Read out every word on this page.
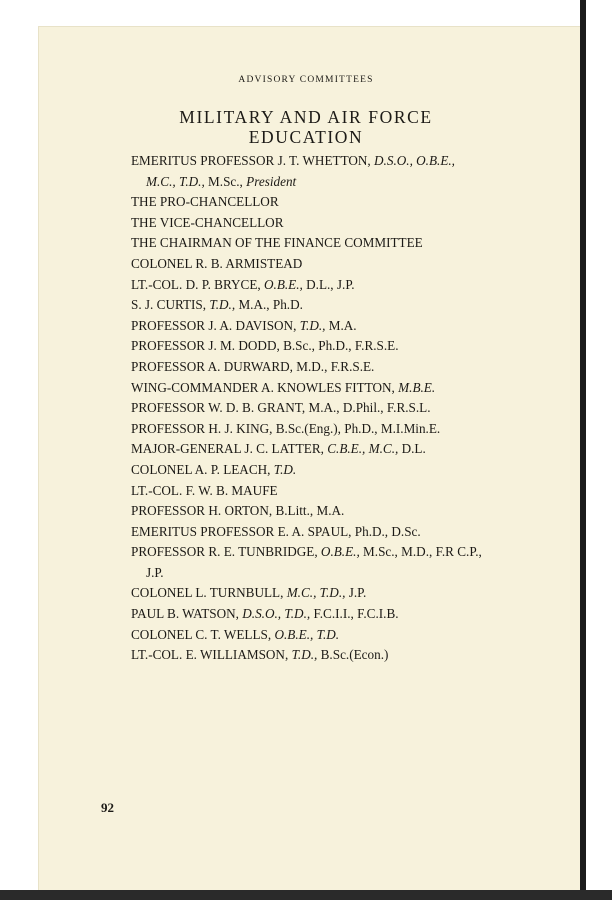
ADVISORY COMMITTEES
MILITARY AND AIR FORCE
EDUCATION
EMERITUS PROFESSOR J. T. WHETTON, D.S.O., O.B.E.,
M.C., T.D., M.Sc., President
THE PRO-CHANCELLOR
THE VICE-CHANCELLOR
THE CHAIRMAN OF THE FINANCE COMMITTEE
COLONEL R. B. ARMISTEAD
LT.-COL. D. P. BRYCE, O.B.E., D.L., J.P.
S. J. CURTIS, T.D., M.A., Ph.D.
PROFESSOR J. A. DAVISON, T.D., M.A.
PROFESSOR J. M. DODD, B.Sc., Ph.D., F.R.S.E.
PROFESSOR A. DURWARD, M.D., F.R.S.E.
WING-COMMANDER A. KNOWLES FITTON, M.B.E.
PROFESSOR W. D. B. GRANT, M.A., D.Phil., F.R.S.L.
PROFESSOR H. J. KING, B.Sc.(Eng.), Ph.D., M.I.Min.E.
MAJOR-GENERAL J. C. LATTER, C.B.E., M.C., D.L.
COLONEL A. P. LEACH, T.D.
LT.-COL. F. W. B. MAUFE
PROFESSOR H. ORTON, B.Litt., M.A.
EMERITUS PROFESSOR E. A. SPAUL, Ph.D., D.Sc.
PROFESSOR R. E. TUNBRIDGE, O.B.E., M.Sc., M.D., F.R C.P.,
J.P.
COLONEL L. TURNBULL, M.C., T.D., J.P.
PAUL B. WATSON, D.S.O., T.D., F.C.I.I., F.C.I.B.
COLONEL C. T. WELLS, O.B.E., T.D.
LT.-COL. E. WILLIAMSON, T.D., B.Sc.(Econ.)
92
